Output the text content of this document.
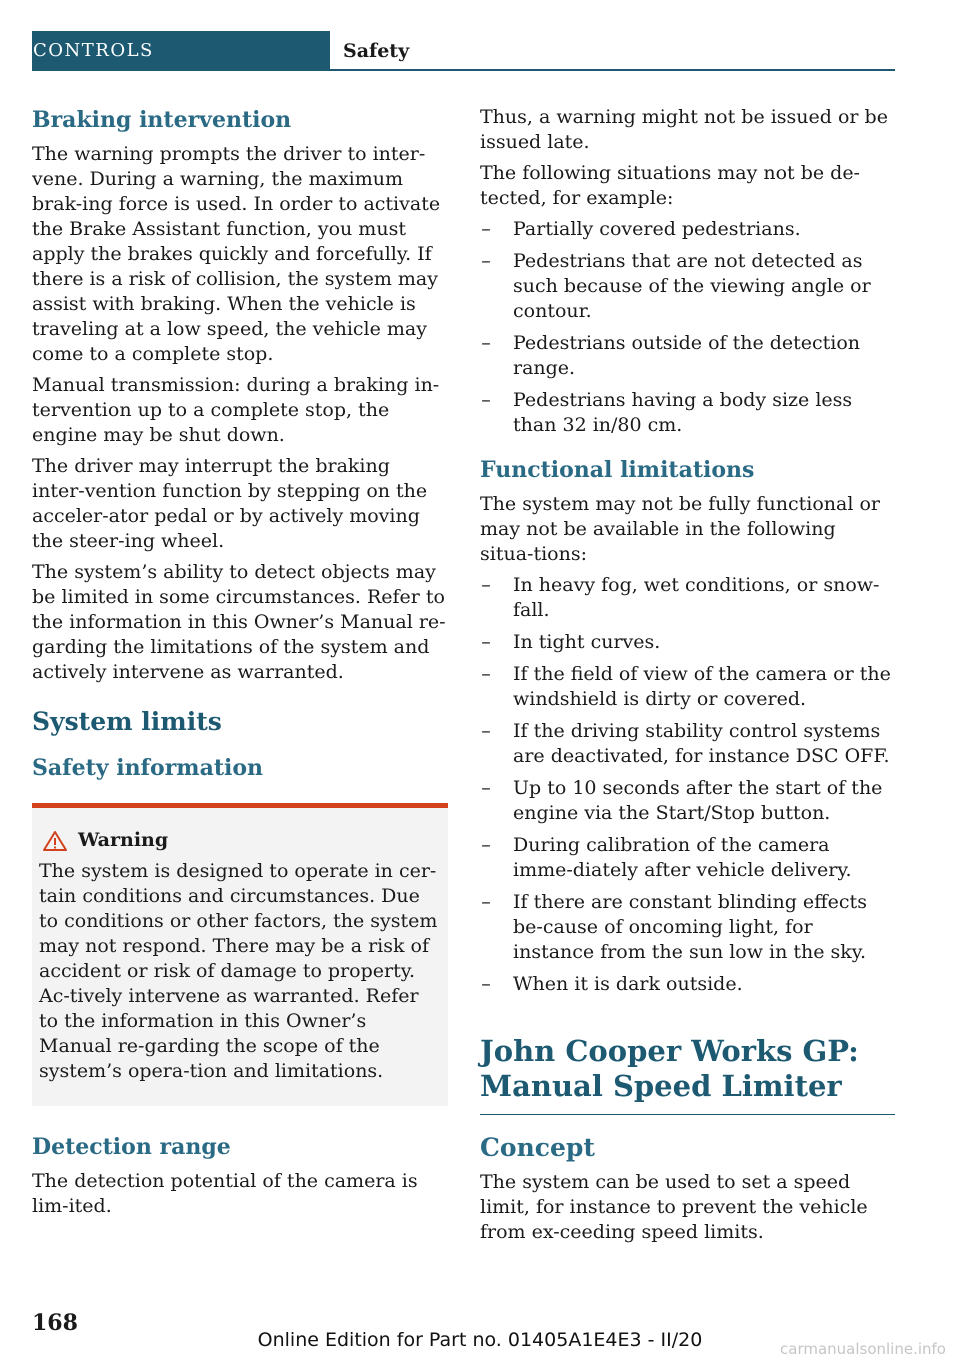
CONTROLS	Safety
Braking intervention

The warning prompts the driver to inter-vene. During a warning, the maximum brak-ing force is used. In order to activate the Brake Assistant function, you must apply the brakes quickly and forcefully. If there is a risk of collision, the system may assist with braking. When the vehicle is traveling at a low speed, the vehicle may come to a complete stop.

Manual transmission: during a braking in-tervention up to a complete stop, the engine may be shut down.

The driver may interrupt the braking inter-vention function by stepping on the acceler-ator pedal or by actively moving the steer-ing wheel.

The system’s ability to detect objects may be limited in some circumstances. Refer to the information in this Owner’s Manual re-garding the limitations of the system and actively intervene as warranted.

System limits
Safety information
Warning

The system is designed to operate in cer-tain conditions and circumstances. Due to conditions or other factors, the system may not respond. There may be a risk of accident or risk of damage to property. Ac-tively intervene as warranted. Refer to the information in this Owner’s Manual re-garding the scope of the system’s opera-tion and limitations.

Detection range

The detection potential of the camera is lim-ited.

Thus, a warning might not be issued or be issued late.

The following situations may not be de-tected, for example:

– Partially covered pedestrians.
– Pedestrians that are not detected as such because of the viewing angle or contour.
– Pedestrians outside of the detection range.
– Pedestrians having a body size less than 32 in/80 cm.
Functional limitations

The system may not be fully functional or may not be available in the following situa-tions:

– In heavy fog, wet conditions, or snow-fall.
– In tight curves.
– If the field of view of the camera or the windshield is dirty or covered.
– If the driving stability control systems are deactivated, for instance DSC OFF.
– Up to 10 seconds after the start of the engine via the Start/Stop button.
– During calibration of the camera imme-diately after vehicle delivery.
– If there are constant blinding effects be-cause of oncoming light, for instance from the sun low in the sky.
– When it is dark outside.
John Cooper Works GP:
Manual Speed Limiter
Concept

The system can be used to set a speed limit, for instance to prevent the vehicle from ex-ceeding speed limits.

168
Online Edition for Part no. 01405A1E4E3 - II/20	carmanualsonline.info
